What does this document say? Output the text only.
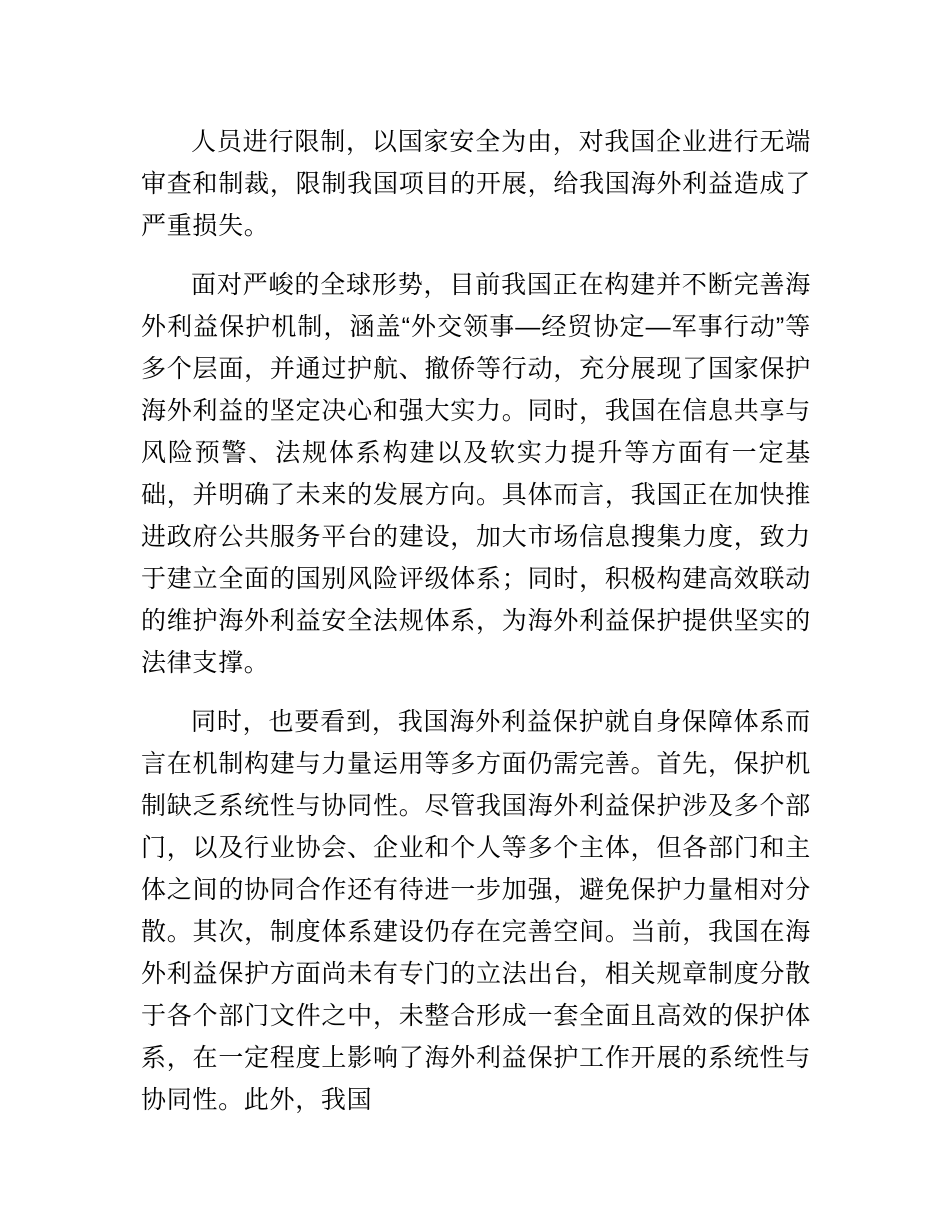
人员进行限制，以国家安全为由，对我国企业进行无端审查和制裁，限制我国项目的开展，给我国海外利益造成了严重损失。

面对严峻的全球形势，目前我国正在构建并不断完善海外利益保护机制，涵盖“外交领事—经贸协定—军事行动”等多个层面，并通过护航、撤侨等行动，充分展现了国家保护海外利益的坚定决心和强大实力。同时，我国在信息共享与风险预警、法规体系构建以及软实力提升等方面有一定基础，并明确了未来的发展方向。具体而言，我国正在加快推进政府公共服务平台的建设，加大市场信息搜集力度，致力于建立全面的国别风险评级体系；同时，积极构建高效联动的维护海外利益安全法规体系，为海外利益保护提供坚实的法律支撑。

同时，也要看到，我国海外利益保护就自身保障体系而言在机制构建与力量运用等多方面仍需完善。首先，保护机制缺乏系统性与协同性。尽管我国海外利益保护涉及多个部门，以及行业协会、企业和个人等多个主体，但各部门和主体之间的协同合作还有待进一步加强，避免保护力量相对分散。其次，制度体系建设仍存在完善空间。当前，我国在海外利益保护方面尚未有专门的立法出台，相关规章制度分散于各个部门文件之中，未整合形成一套全面且高效的保护体系，在一定程度上影响了海外利益保护工作开展的系统性与协同性。此外，我国
